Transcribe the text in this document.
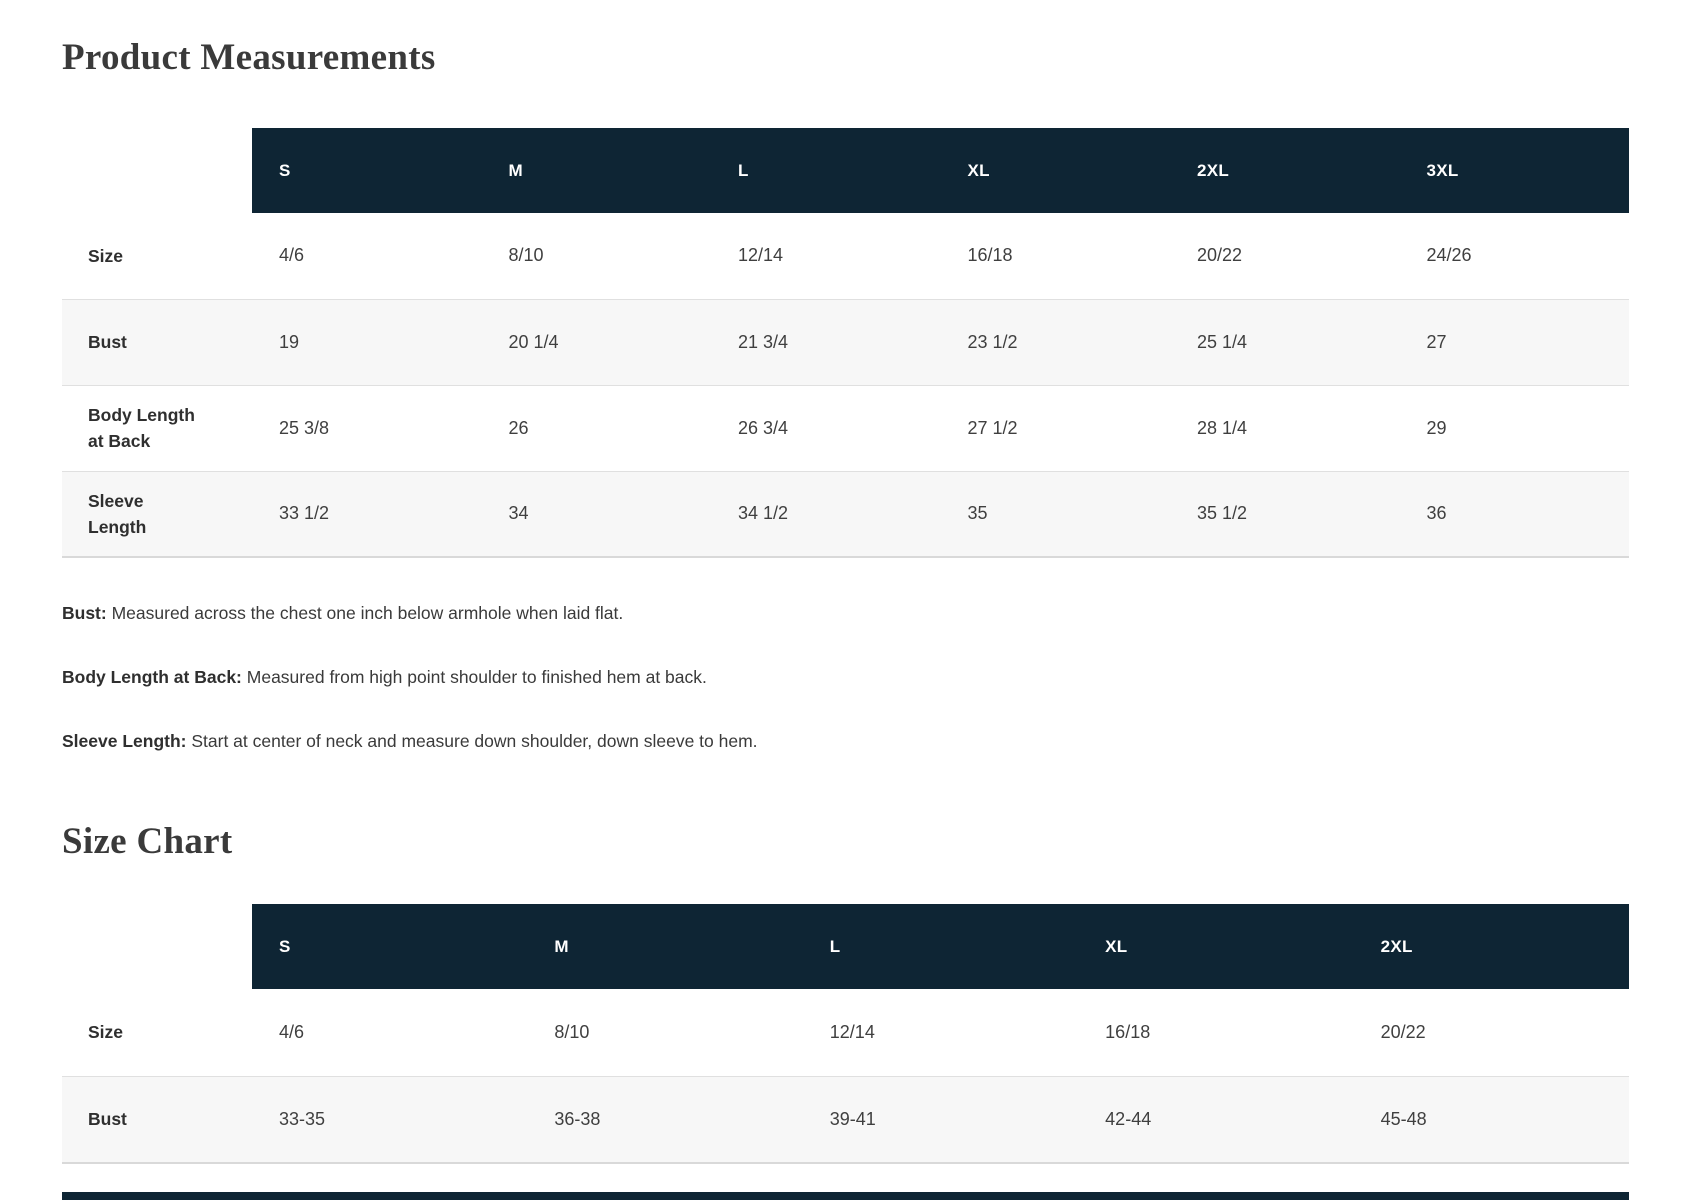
Product Measurements
	S	M	L	XL	2XL	3XL
Size	4/6	8/10	12/14	16/18	20/22	24/26
Bust	19	20 1/4	21 3/4	23 1/2	25 1/4	27
Body Length at Back	25 3/8	26	26 3/4	27 1/2	28 1/4	29
Sleeve Length	33 1/2	34	34 1/2	35	35 1/2	36

Bust: Measured across the chest one inch below armhole when laid flat.

Body Length at Back: Measured from high point shoulder to finished hem at back.

Sleeve Length: Start at center of neck and measure down shoulder, down sleeve to hem.

Size Chart
	S	M	L	XL	2XL
Size	4/6	8/10	12/14	16/18	20/22
Bust	33-35	36-38	39-41	42-44	45-48
